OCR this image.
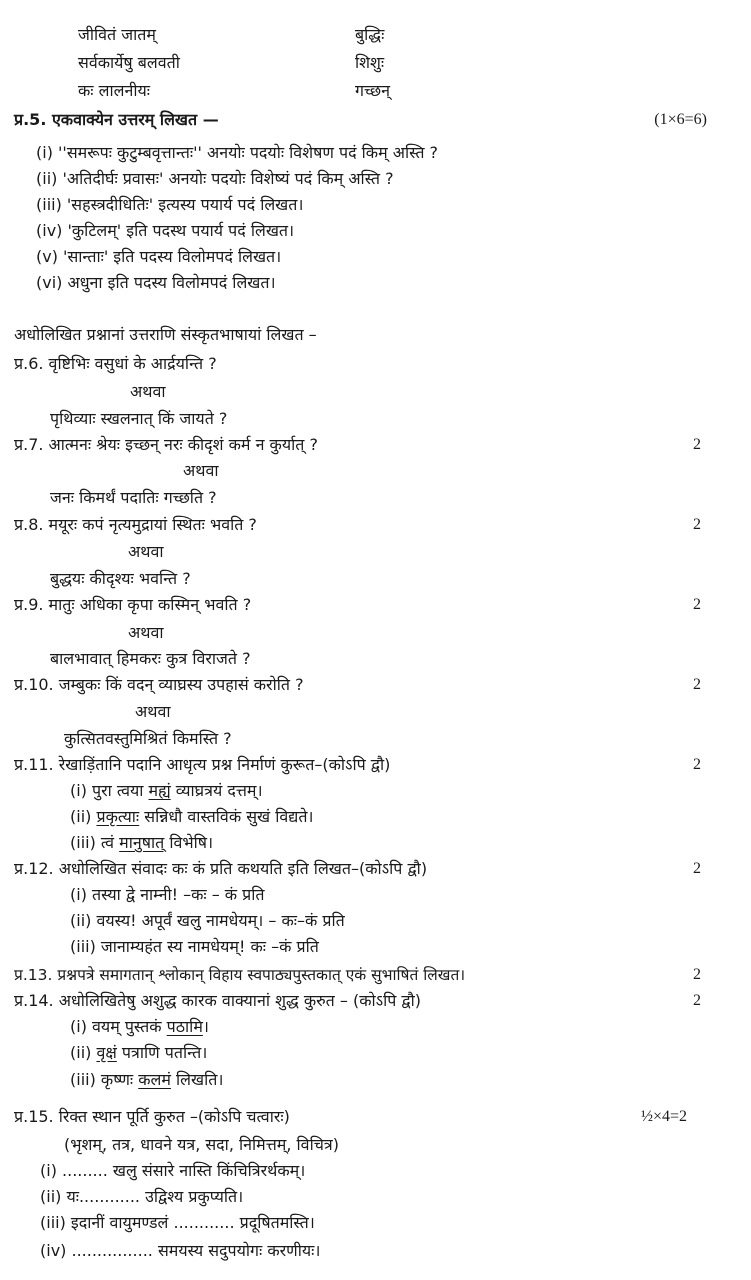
जीवितं जातम्	बुद्धिः
सर्वकार्येषु बलवती	शिशुः
कः लालनीयः	गच्छन्
प्र.5. एकवाक्येन उत्तरम् लिखत —	(1×6=6)
(i) ''समरूपः कुटुम्बवृत्तान्तः'' अनयोः पदयोः विशेषण पदं किम् अस्ति ?
(ii) 'अतिदीर्घः प्रवासः' अनयोः पदयोः विशेष्यं पदं किम् अस्ति ?
(iii) 'सहस्त्रदीधितिः' इत्यस्य पयार्य पदं लिखत।
(iv) 'कुटिलम्' इति पदस्थ पयार्य पदं लिखत।
(v) 'सान्ताः' इति पदस्य विलोमपदं लिखत।
(vi) अधुना इति पदस्य विलोमपदं लिखत।
अधोलिखित प्रश्नानां उत्तराणि संस्कृतभाषायां लिखत –
प्र.6. वृष्टिभिः वसुधां के आर्द्रयन्ति ?
अथवा
पृथिव्याः स्खलनात् किं जायते ?
प्र.7. आत्मनः श्रेयः इच्छन् नरः कीदृशं कर्म न कुर्यात् ?	2
अथवा
जनः किमर्थं पदातिः गच्छति ?
प्र.8. मयूरः कपं नृत्यमुद्रायां स्थितः भवति ?	2
अथवा
बुद्धयः कीदृश्यः भवन्ति ?
प्र.9. मातुः अधिका कृपा कस्मिन् भवति ?	2
अथवा
बालभावात् हिमकरः कुत्र विराजते ?
प्र.10. जम्बुकः किं वदन् व्याघ्रस्य उपहासं करोति ?	2
अथवा
कुत्सितवस्तुमिश्रितं किमस्ति ?
प्र.11. रेखाड़िंतानि पदानि आधृत्य प्रश्न निर्माणं कुरूत–(कोऽपि द्वौ)	2
(i) पुरा त्वया मह्यं व्याघ्रत्रयं दत्तम्।
(ii) प्रकृत्याः सन्निधौ वास्तविकं सुखं विद्यते।
(iii) त्वं मानुषात् विभेषि।
प्र.12. अधोलिखित संवादः कः कं प्रति कथयति इति लिखत–(कोऽपि द्वौ)	2
(i) तस्या द्वे नाम्नी! –कः – कं प्रति
(ii) वयस्य! अपूर्वं खलु नामधेयम्। – कः–कं प्रति
(iii) जानाम्यहंत स्य नामधेयम्! कः –कं प्रति
प्र.13. प्रश्नपत्रे समागतान् श्लोकान् विहाय स्वपाठ्यपुस्तकात् एकं सुभाषितं लिखत।	2
प्र.14. अधोलिखितेषु अशुद्ध कारक वाक्यानां शुद्ध कुरुत – (कोऽपि द्वौ)	2
(i) वयम् पुस्तकं पठामि।
(ii) वृक्षं पत्राणि पतन्ति।
(iii) कृष्णः कलमं लिखति।
प्र.15. रिक्त स्थान पूर्ति कुरुत –(कोऽपि चत्वारः)	½×4=2
(भृशम्, तत्र, धावने यत्र, सदा, निमित्तम्, विचित्र)
(i) ......... खलु संसारे नास्ति किंचित्रिरर्थकम्।
(ii) यः............ उद्विश्य प्रकुप्यति।
(iii) इदानीं वायुमण्डलं ............ प्रदूषितमस्ति।
(iv) ................ समयस्य सदुपयोगः करणीयः।
